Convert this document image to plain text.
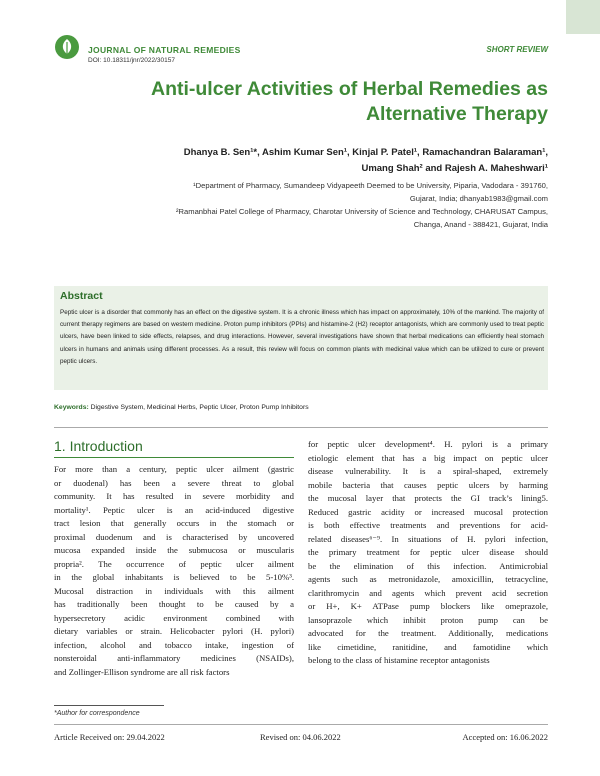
JOURNAL OF NATURAL REMEDIES
DOI: 10.18311/jnr/2022/30157
SHORT REVIEW
Anti-ulcer Activities of Herbal Remedies as Alternative Therapy
Dhanya B. Sen¹*, Ashim Kumar Sen¹, Kinjal P. Patel¹, Ramachandran Balaraman¹,
Umang Shah² and Rajesh A. Maheshwari¹
¹Department of Pharmacy, Sumandeep Vidyapeeth Deemed to be University, Piparia, Vadodara - 391760,
Gujarat, India; dhanyab1983@gmail.com
²Ramanbhai Patel College of Pharmacy, Charotar University of Science and Technology, CHARUSAT Campus,
Changa, Anand - 388421, Gujarat, India
Abstract
Peptic ulcer is a disorder that commonly has an effect on the digestive system. It is a chronic illness which has impact on approximately, 10% of the mankind. The majority of current therapy regimens are based on western medicine. Proton pump inhibitors (PPIs) and histamine-2 (H2) receptor antagonists, which are commonly used to treat peptic ulcers, have been linked to side effects, relapses, and drug interactions. However, several investigations have shown that herbal medications can efficiently heal stomach ulcers in humans and animals using different processes. As a result, this review will focus on common plants with medicinal value which can be utilized to cure or prevent peptic ulcers.
Keywords: Digestive System, Medicinal Herbs, Peptic Ulcer, Proton Pump Inhibitors
1. Introduction
For more than a century, peptic ulcer ailment (gastric
or duodenal) has been a severe threat to global
community. It has resulted in severe morbidity and
mortality¹. Peptic ulcer is an acid-induced digestive
tract lesion that generally occurs in the stomach or
proximal duodenum and is characterised by uncovered
mucosa expanded inside the submucosa or muscularis
propria². The occurrence of peptic ulcer ailment
in the global inhabitants is believed to be 5-10%³.
Mucosal distraction in individuals with this ailment
has traditionally been thought to be caused by a
hypersecretory acidic environment combined with
dietary variables or strain. Helicobacter pylori (H. pylori)
infection, alcohol and tobacco intake, ingestion of
nonsteroidal anti-inflammatory medicines (NSAIDs),
and Zollinger-Ellison syndrome are all risk factors
for peptic ulcer development⁴. H. pylori is a primary
etiologic element that has a big impact on peptic ulcer
disease vulnerability. It is a spiral-shaped, extremely
mobile bacteria that causes peptic ulcers by harming
the mucosal layer that protects the GI track’s lining5.
Reduced gastric acidity or increased mucosal protection
is both effective treatments and preventions for acid-
related diseases⁶⁻⁹. In situations of H. pylori infection,
the primary treatment for peptic ulcer disease should
be the elimination of this infection. Antimicrobial
agents such as metronidazole, amoxicillin, tetracycline,
clarithromycin and agents which prevent acid secretion
or H+, K+ ATPase pump blockers like omeprazole,
lansoprazole which inhibit proton pump can be
advocated for the treatment. Additionally, medications
like cimetidine, ranitidine, and famotidine which
belong to the class of histamine receptor antagonists
*Author for correspondence
Article Received on: 29.04.2022	Revised on: 04.06.2022	Accepted on: 16.06.2022
